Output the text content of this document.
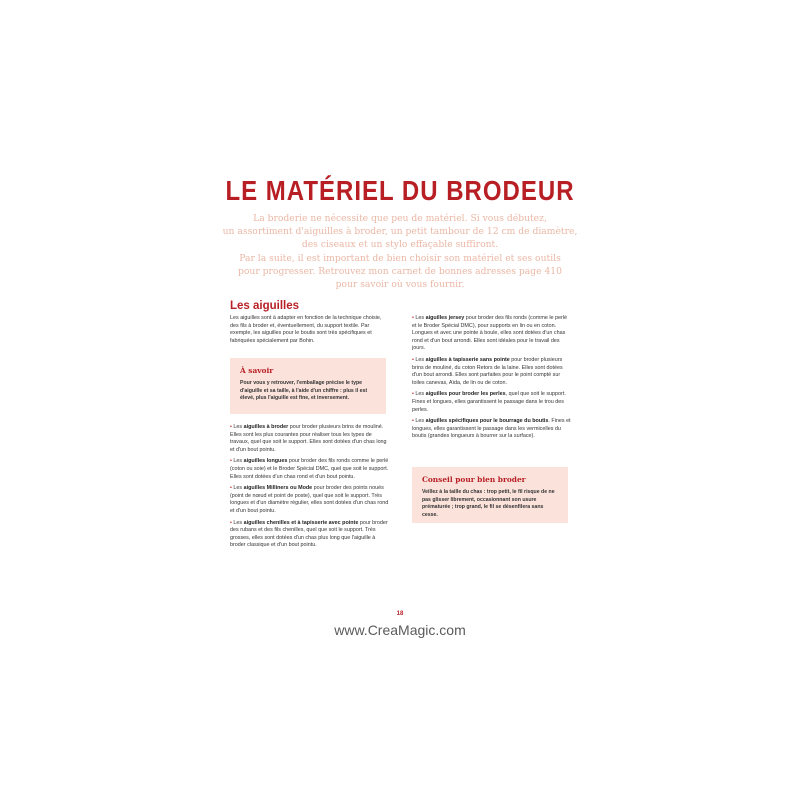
LE MATÉRIEL DU BRODEUR
La broderie ne nécessite que peu de matériel. Si vous débutez,
un assortiment d'aiguilles à broder, un petit tambour de 12 cm de diamètre,
des ciseaux et un stylo effaçable suffiront.
Par la suite, il est important de bien choisir son matériel et ses outils
pour progresser. Retrouvez mon carnet de bonnes adresses page 410
pour savoir où vous fournir.
Les aiguilles
Les aiguilles sont à adapter en fonction de la technique choisie, des fils à broder et, éventuellement, du support textile. Par exemple, les aiguilles pour le boutis sont très spécifiques et fabriquées spécialement par Bohin.
À savoir
Pour vous y retrouver, l'emballage précise le type d'aiguille et sa taille, à l'aide d'un chiffre : plus il est élevé, plus l'aiguille est fine, et inversement.
• Les aiguilles à broder pour broder plusieurs brins de mouliné. Elles sont les plus courantes pour réaliser tous les types de travaux, quel que soit le support. Elles sont dotées d'un chas long et d'un bout pointu.
• Les aiguilles longues pour broder des fils ronds comme le perlé (coton ou soie) et le Broder Spécial DMC, quel que soit le support. Elles sont dotées d'un chas rond et d'un bout pointu.
• Les aiguilles Milliners ou Mode pour broder des points noués (point de nœud et point de poste), quel que soit le support. Très longues et d'un diamètre régulier, elles sont dotées d'un chas rond et d'un bout pointu.
• Les aiguilles chenilles et à tapisserie avec pointe pour broder des rubans et des fils chenilles, quel que soit le support. Très grosses, elles sont dotées d'un chas plus long que l'aiguille à broder classique et d'un bout pointu.
• Les aiguilles jersey pour broder des fils ronds (comme le perlé et le Broder Spécial DMC), pour supports en lin ou en coton. Longues et avec une pointe à boule, elles sont dotées d'un chas rond et d'un bout arrondi. Elles sont idéales pour le travail des jours.
• Les aiguilles à tapisserie sans pointe pour broder plusieurs brins de mouliné, du coton Retors de la laine. Elles sont dotées d'un bout arrondi. Elles sont parfaites pour le point compté sur toiles canevas, Aïda, de lin ou de coton.
• Les aiguilles pour broder les perles, quel que soit le support. Fines et longues, elles garantissent le passage dans le trou des perles.
• Les aiguilles spécifiques pour le bourrage du boutis. Fines et longues, elles garantissent le passage dans les vermicelles du boutis (grandes longueurs à bourrer sur la surface).
Conseil pour bien broder
Veillez à la taille du chas : trop petit, le fil risque de ne pas glisser librement, occasionnant son usure prématurée ; trop grand, le fil se désenfilera sans cesse.
18
www.CreaMagic.com
